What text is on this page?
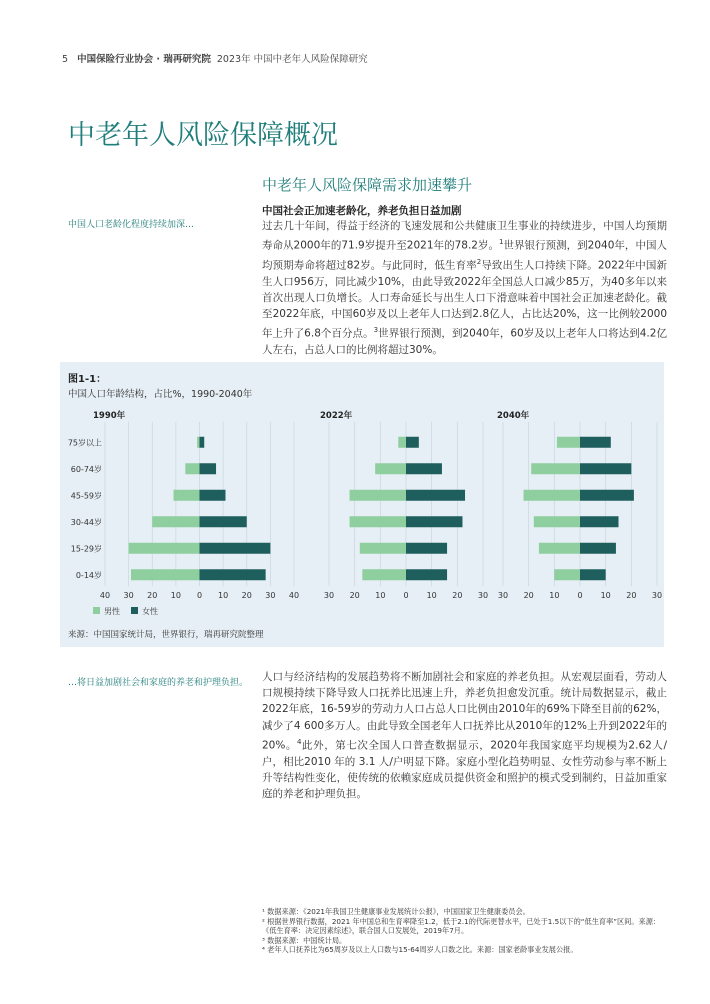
5 中国保险行业协会 · 瑞再研究院 2023年 中国中老年人风险保障研究
中老年人风险保障概况
中老年人风险保障需求加速攀升
中国人口老龄化程度持续加深…
中国社会正加速老龄化，养老负担日益加剧

过去几十年间，得益于经济的飞速发展和公共健康卫生事业的持续进步，中国人均预期寿命从2000年的71.9岁提升至2021年的78.2岁。$^1$世界银行预测，到2040年，中国人均预期寿命将超过82岁。与此同时，低生育率$^2$导致出生人口持续下降。2022年中国新生人口956万，同比减少10%，由此导致2022年全国总人口减少85万，为40多年以来首次出现人口负增长。人口寿命延长与出生人口下滑意味着中国社会正加速老龄化。截至2022年底，中国60岁及以上老年人口达到2.8亿人，占比达20%，这一比例较2000年上升了6.8个百分点。$^3$世界银行预测，到2040年，60岁及以上老年人口将达到4.2亿人左右，占总人口的比例将超过30%。

图1-1：
中国人口年龄结构，占比%，1990-2040年
75岁以上
60-74岁
45-59岁
30-44岁
15-29岁
0-14岁
1990年
40 30 20 10 0 10 20 30 40
2022年
30 20 10 0 10 20 30
2040年
30 20 10 0 10 20 30
男性	女性
来源：中国国家统计局，世界银行，瑞再研究院整理
…将日益加剧社会和家庭的养老和护理负担。 人口与经济结构的发展趋势将不断加剧社会和家庭的养老负担。从宏观层面看，劳动人口规模持续下降导致人口抚养比迅速上升，养老负担愈发沉重。统计局数据显示，截止2022年底，16-59岁的劳动力人口占总人口比例由2010年的69%下降至目前的62%，减少了4 600多万人。由此导致全国老年人口抚养比从2010年的12%上升到2022年的20%。$^4$此外，第七次全国人口普查数据显示，2020年我国家庭平均规模为2.62人/户，相比2010 年的 3.1 人/户明显下降。家庭小型化趋势明显、女性劳动参与率不断上升等结构性变化，使传统的依赖家庭成员提供资金和照护的模式受到制约，日益加重家庭的养老和护理负担。

¹ 数据来源：《2021年我国卫生健康事业发展统计公报》，中国国家卫生健康委员会。
² 根据世界银行数据，2021 年中国总和生育率降至1.2，低于2.1的代际更替水平，已处于1.5以下的“低生育率”区间。来源：《低生育率：决定因素综述》，联合国人口发展处，2019年7月。
³ 数据来源：中国统计局。
⁴ 老年人口抚养比为65周岁及以上人口数与15-64周岁人口数之比。来源：国家老龄事业发展公报。
